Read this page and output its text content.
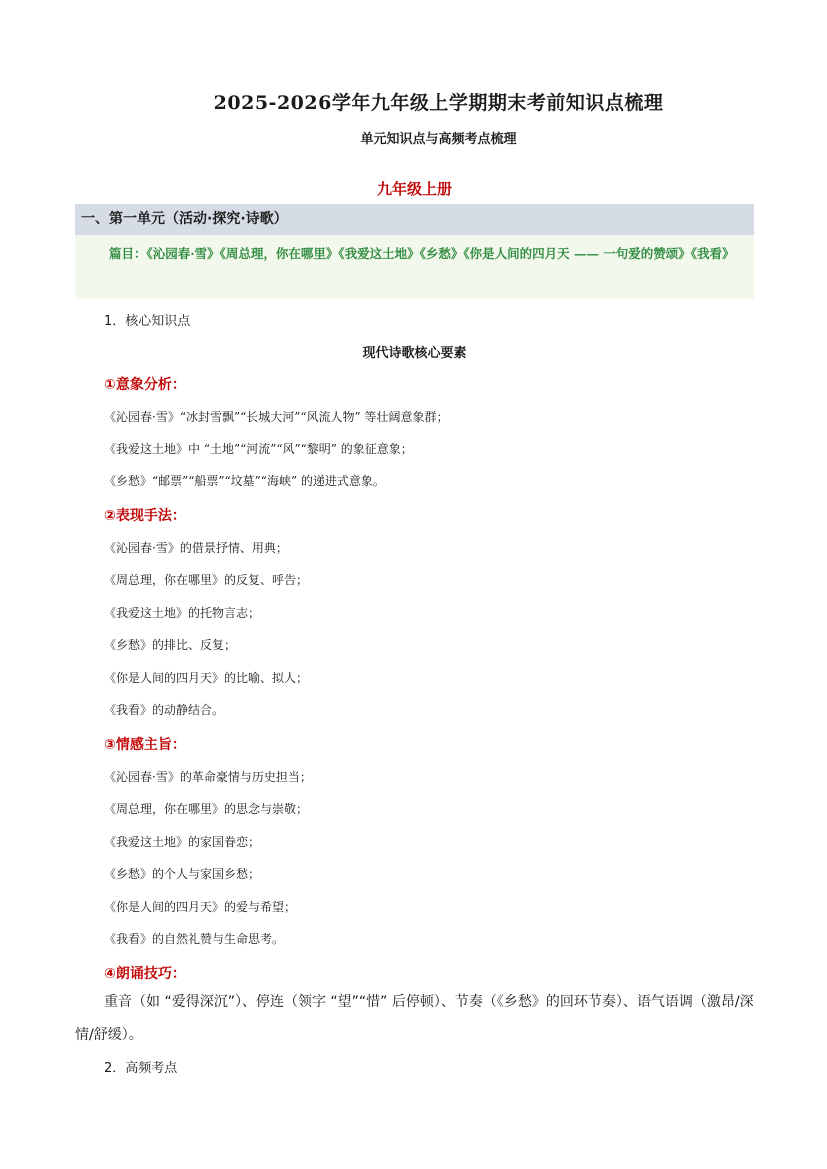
2025-2026学年九年级上学期期末考前知识点梳理
单元知识点与高频考点梳理
九年级上册
一、第一单元（活动·探究·诗歌）
篇目：《沁园春·雪》《周总理，你在哪里》《我爱这土地》《乡愁》《你是人间的四月天 —— 一句爱的赞颂》《我看》
1．核心知识点
现代诗歌核心要素
①意象分析：
《沁园春·雪》“冰封雪飘”“长城大河”“风流人物” 等壮阔意象群；
《我爱这土地》中 “土地”“河流”“风”“黎明” 的象征意象；
《乡愁》“邮票”“船票”“坟墓”“海峡” 的递进式意象。
②表现手法：
《沁园春·雪》的借景抒情、用典；
《周总理，你在哪里》的反复、呼告；
《我爱这土地》的托物言志；
《乡愁》的排比、反复；
《你是人间的四月天》的比喻、拟人；
《我看》的动静结合。
③情感主旨：
《沁园春·雪》的革命豪情与历史担当；
《周总理，你在哪里》的思念与崇敬；
《我爱这土地》的家国眷恋；
《乡愁》的个人与家国乡愁；
《你是人间的四月天》的爱与希望；
《我看》的自然礼赞与生命思考。
④朗诵技巧：
重音（如 “爱得深沉”）、停连（领字 “望”“惜” 后停顿）、节奏（《乡愁》的回环节奏）、语气语调（激昂/深情/舒缓）。
2．高频考点
